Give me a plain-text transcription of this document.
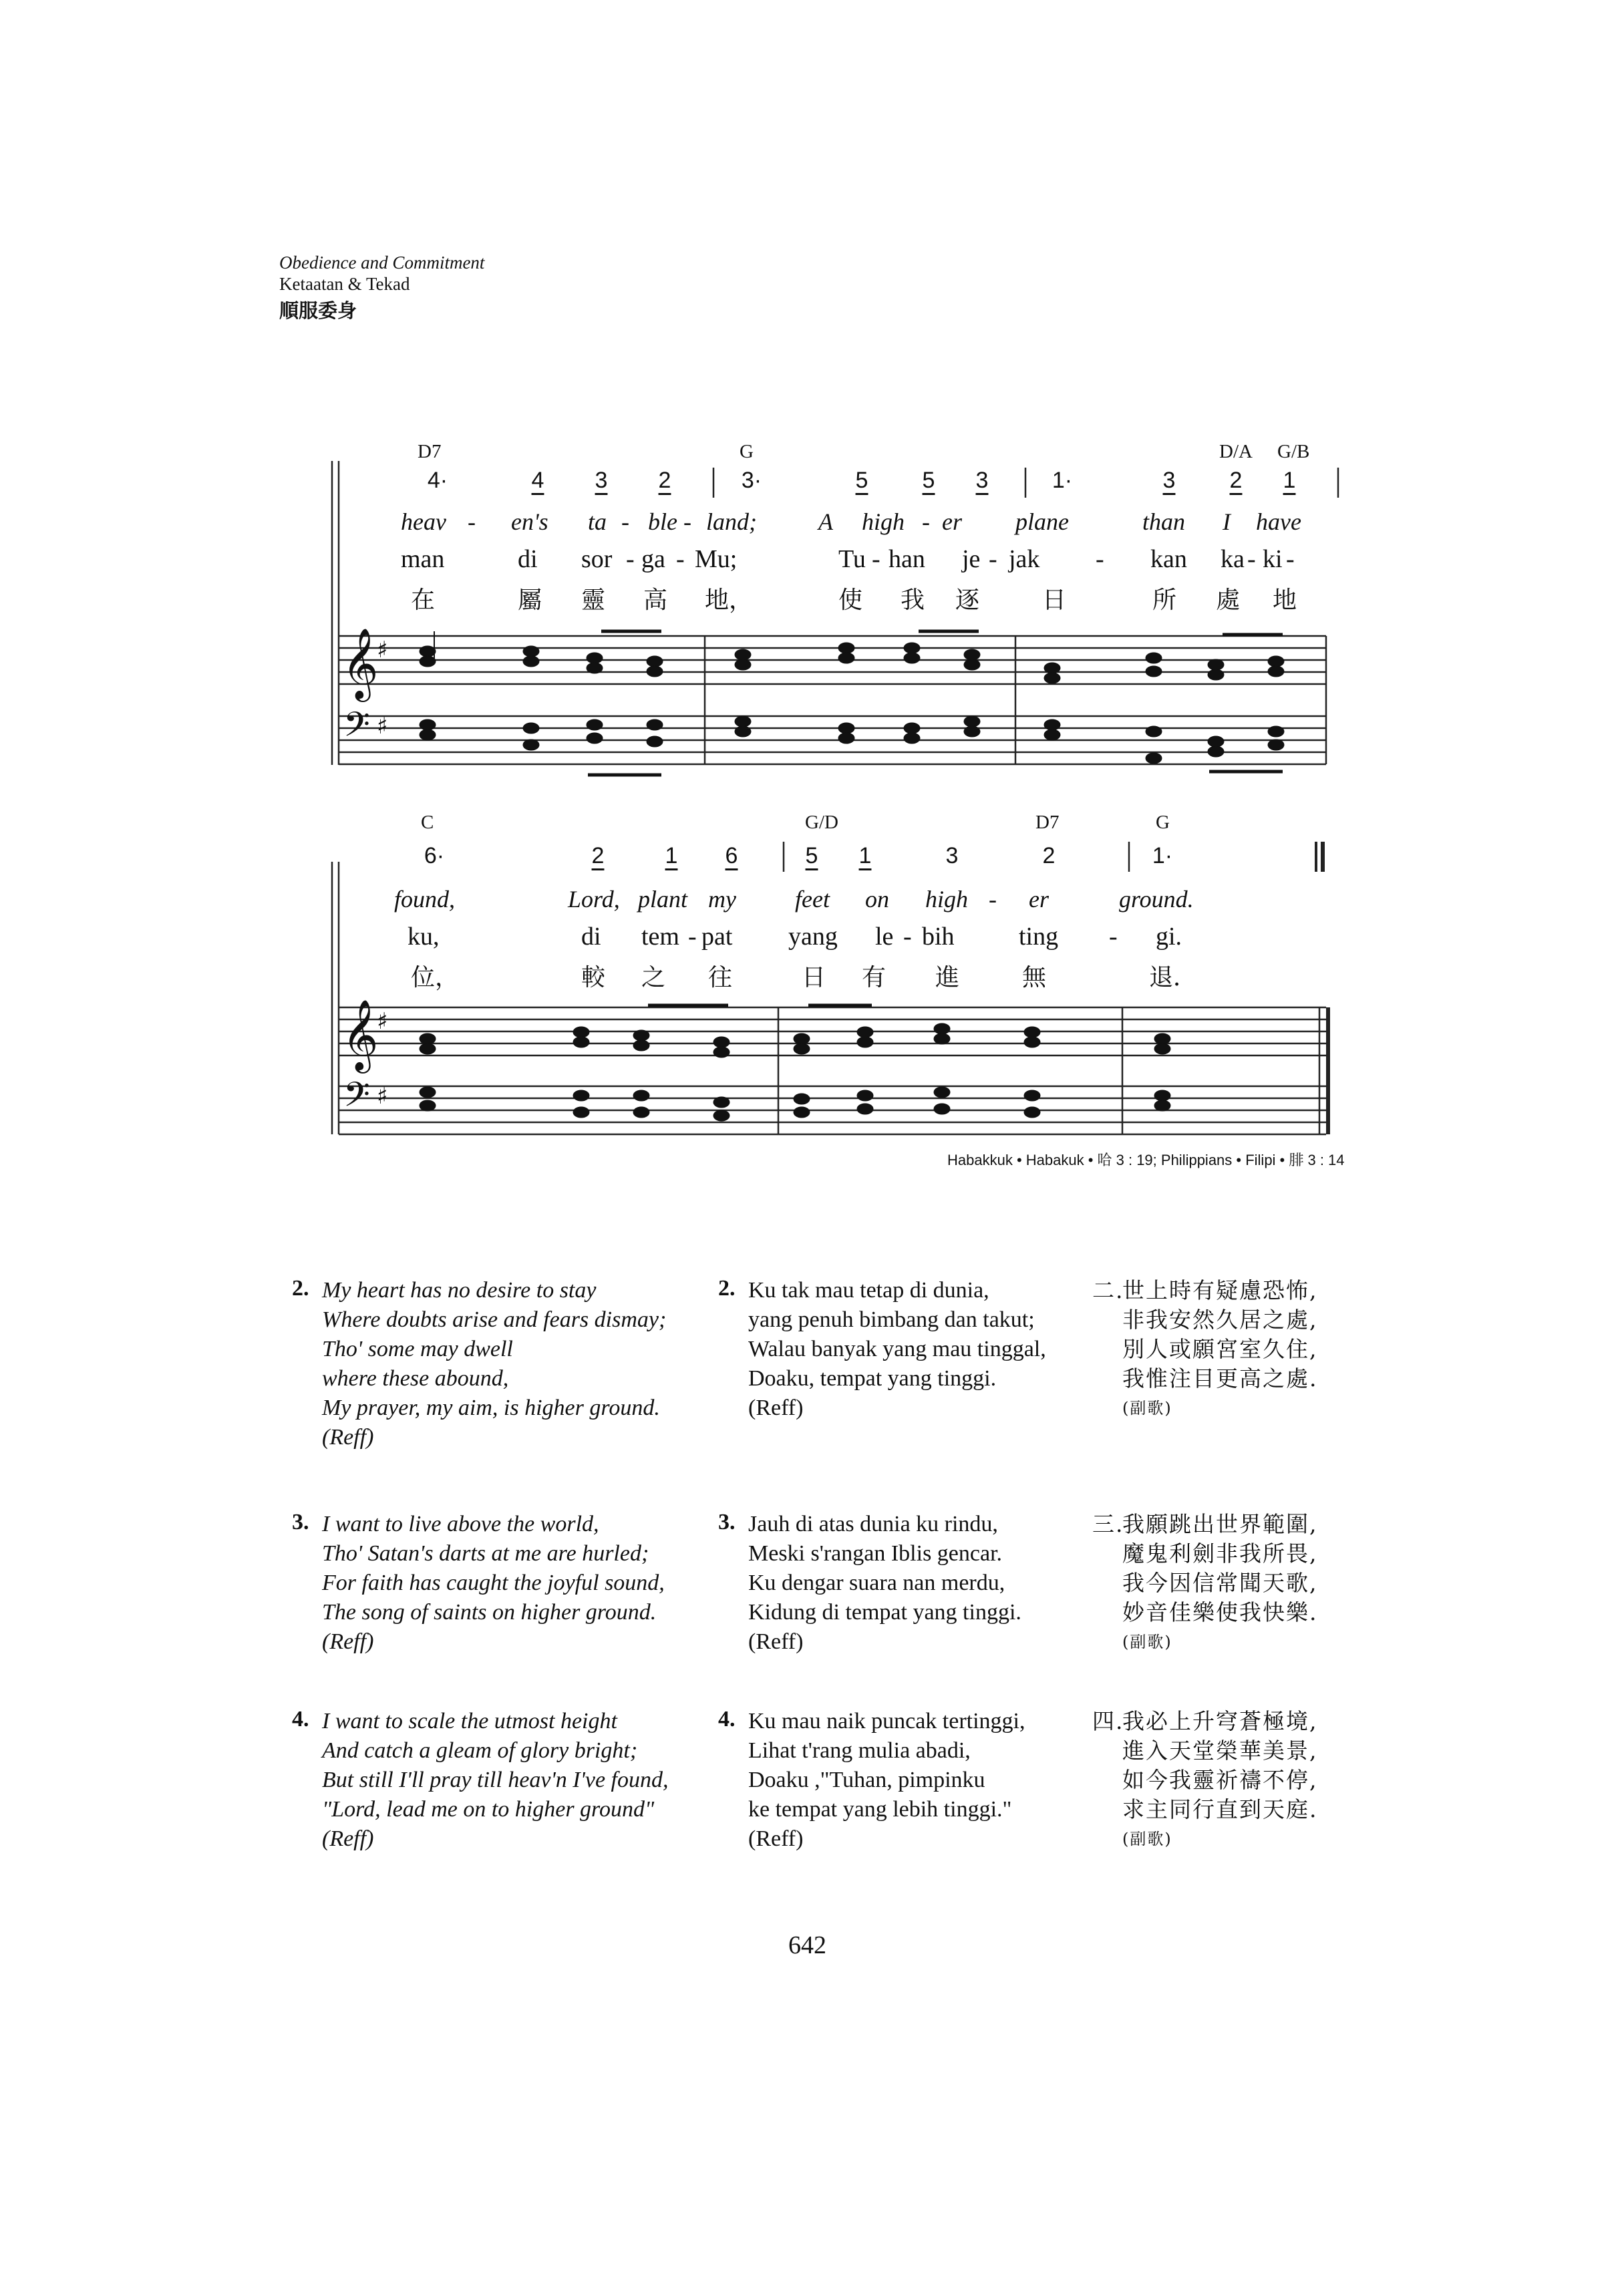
Obedience and Commitment
Ketaatan & Tekad
順服委身
𝄞
𝄢
♯
♯
𝄞
𝄢
♯
♯
D7	G	D/A G/B
4·	4	3	2	3·	5	5	3	1·	3	2	1
heav - en's ta - ble - land;	A high - er plane	than I have
man	di sor - ga - Mu;	Tu - han je - jak - kan ka - ki -
在	屬 靈 高 地，	使 我 逐	日	所 處 地
C	G/D	D7	G
6·	2	1	6	5	1	3	2	1·
found,	Lord, plant my feet on high - er	ground.
ku,	di tem - pat yang le - bih	ting - gi.
位，	較 之 往	日 有 進	無	退．
Habakkuk • Habakuk • 哈 3 : 19; Philippians • Filipi • 腓 3 : 14
2. My heart has no desire to stay
Where doubts arise and fears dismay;
Tho' some may dwell
where these abound,
My prayer, my aim, is higher ground.
(Reff)
2. Ku tak mau tetap di dunia,
yang penuh bimbang dan takut;
Walau banyak yang mau tinggal,
Doaku, tempat yang tinggi.
(Reff)
二.
世上時有疑慮恐怖,
非我安然久居之處,
別人或願宮室久住,
我惟注目更高之處.
(副歌)
3. I want to live above the world,
Tho' Satan's darts at me are hurled;
For faith has caught the joyful sound,
The song of saints on higher ground.
(Reff)
3. Jauh di atas dunia ku rindu,
Meski s'rangan Iblis gencar.
Ku dengar suara nan merdu,
Kidung di tempat yang tinggi.
(Reff)
三.
我願跳出世界範圍,
魔鬼利劍非我所畏,
我今因信常聞天歌,
妙音佳樂使我快樂.
(副歌)
4. I want to scale the utmost height
And catch a gleam of glory bright;
But still I'll pray till heav'n I've found,
"Lord, lead me on to higher ground"
(Reff)
4. Ku mau naik puncak tertinggi,
Lihat t'rang mulia abadi,
Doaku ,"Tuhan, pimpinku
ke tempat yang lebih tinggi."
(Reff)
四.
我必上升穹蒼極境,
進入天堂榮華美景,
如今我靈祈禱不停,
求主同行直到天庭.
(副歌)
642
